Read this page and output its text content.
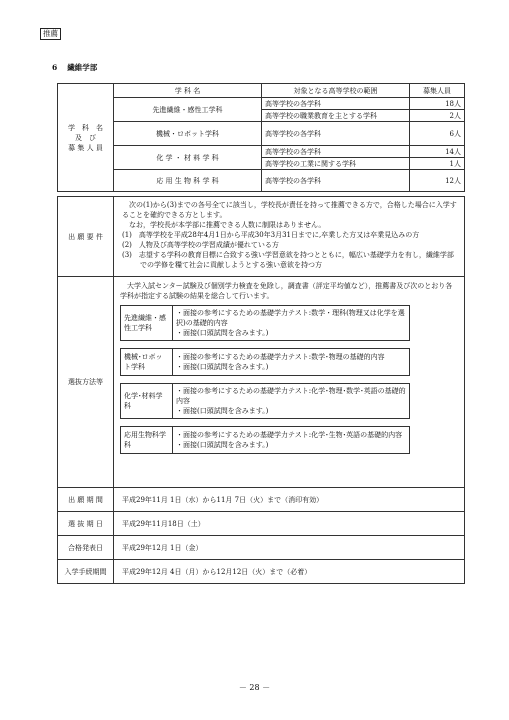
推薦
6 繊維学部
学　科　名
及　び
募 集 人 員	学 科 名	対象となる高等学校の範囲	募集人員
	先進繊維・感性工学科	高等学校の各学科	18人
		高等学校の職業教育を主とする学科	2人
	機械・ロボット学科	高等学校の各学科	6人
	化 学 ・ 材 料 学 科	高等学校の各学科	14人
		高等学校の工業に関する学科	1人
	応 用 生 物 科 学 科	高等学校の各学科	12人
出 願 要 件	

次の(1)から(3)までの各号全てに該当し，学校長が責任を持って推薦できる方で，合格した場合に入学することを確約できる方とします。

なお，学校長が本学部に推薦できる人数に制限はありません。

(1)　 高等学校を平成28年4月1日から平成30年3月31日までに,卒業した方又は卒業見込みの方

(2)　 人物及び高等学校の学習成績が優れている方

(3)　 志望する学科の教育目標に合致する強い学習意欲を持つとともに，幅広い基礎学力を有し，繊維学部での学修を糧て社会に貢献しようとする強い意欲を持つ方

選抜方法等	

大学入試センター試験及び個別学力検査を免除し，調査書（評定平均値など），推薦書及び次のとおり各学科が指定する試験の結果を総合して行います。

先進繊維・感性工学科	
・面接の参考にするための基礎学力テスト:数学・理科(物理又は化学を選択)の基礎的内容
・面接(口頭試問を含みます。)

機械･ロボット学科	
・面接の参考にするための基礎学力テスト:数学･物理の基礎的内容
・面接(口頭試問を含みます。)

化学･材料学科	
・面接の参考にするための基礎学力テスト:化学･物理･数学･英語の基礎的内容
・面接(口頭試問を含みます。)

応用生物科学科	
・面接の参考にするための基礎学力テスト:化学･生物･英語の基礎的内容
・面接(口頭試問を含みます。)

出 願 期 間	平成29年11月 1日（水）から11月 7日（火）まで（消印有効）
選 抜 期 日	平成29年11月18日（土）
合格発表日	平成29年12月 1日（金）
入学手続期間	平成29年12月 4日（月）から12月12日（火）まで（必着）
－ 28 －
